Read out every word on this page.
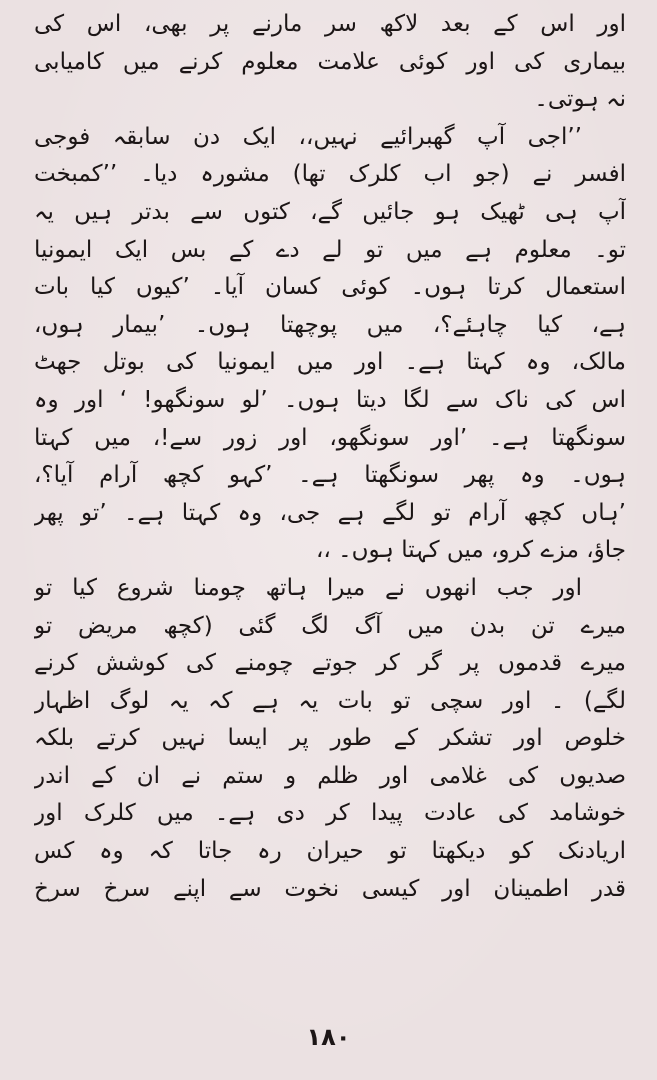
اور اس کے بعد لاکھ سر مارنے پر بھی، اس کی
بیماری کی اور کوئی علامت معلوم کرنے میں کامیابی
نہ ہوتی۔
’’اجی آپ گھبرائیے نہیں،، ایک دن سابقہ فوجی
افسر نے (جو اب کلرک تھا) مشورہ دیا۔ ’’کمبخت
آپ ہی ٹھیک ہو جائیں گے، کتوں سے بدتر ہیں یہ
تو۔ معلوم ہے میں تو لے دے کے بس ایک ایمونیا
استعمال کرتا ہوں۔ کوئی کسان آیا۔ ’کیوں کیا بات
ہے، کیا چاہئے؟، میں پوچھتا ہوں۔ ’بیمار ہوں،
مالک، وہ کہتا ہے۔ اور میں ایمونیا کی بوتل جھٹ
اس کی ناک سے لگا دیتا ہوں۔ ’لو سونگھو! ‘ اور وہ
سونگھتا ہے۔ ’اور سونگھو، اور زور سے!، میں کہتا
ہوں۔ وہ پھر سونگھتا ہے۔ ’کہو کچھ آرام آیا؟،
’ہاں کچھ آرام تو لگے ہے جی، وہ کہتا ہے۔ ’تو پھر
جاؤ، مزے کرو، میں کہتا ہوں۔ ،،
اور جب انھوں نے میرا ہاتھ چومنا شروع کیا تو
میرے تن بدن میں آگ لگ گئی (کچھ مریض تو
میرے قدموں پر گر کر جوتے چومنے کی کوشش کرنے
لگے) ۔ اور سچی تو بات یہ ہے کہ یہ لوگ اظہار
خلوص اور تشکر کے طور پر ایسا نہیں کرتے بلکہ
صدیوں کی غلامی اور ظلم و ستم نے ان کے اندر
خوشامد کی عادت پیدا کر دی ہے۔ میں کلرک اور
اریادنک کو دیکھتا تو حیران رہ جاتا کہ وہ کس
قدر اطمینان اور کیسی نخوت سے اپنے سرخ سرخ
۱۸۰
